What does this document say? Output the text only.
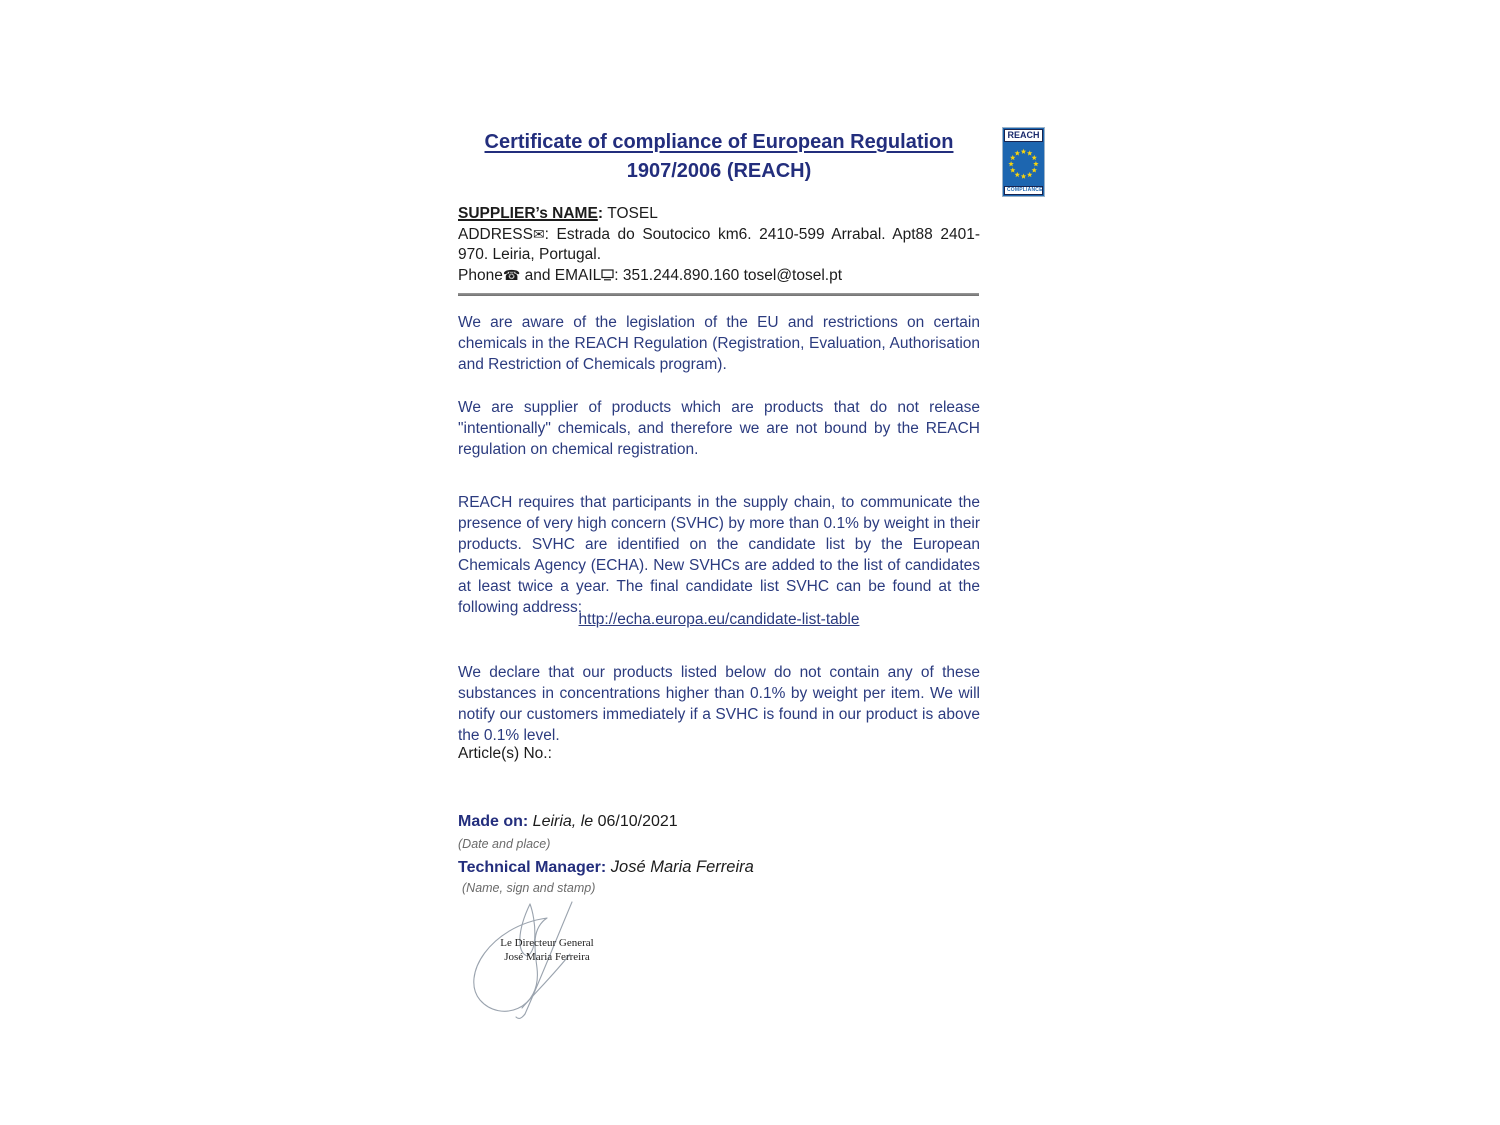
Certificate of compliance of European Regulation
1907/2006 (REACH)
REACH
COMPLIANCE

SUPPLIER’s NAME: TOSEL

ADDRESS✉: Estrada do Soutocico km6. 2410-599 Arrabal. Apt88 2401-970. Leiria, Portugal.

Phone☎ and EMAIL : 351.244.890.160 tosel@tosel.pt

We are aware of the legislation of the EU and restrictions on certain chemicals in the REACH Regulation (Registration, Evaluation, Authorisation and Restriction of Chemicals program).

We are supplier of products which are products that do not release "intentionally" chemicals, and therefore we are not bound by the REACH regulation on chemical registration.

REACH requires that participants in the supply chain, to communicate the presence of very high concern (SVHC) by more than 0.1% by weight in their products. SVHC are identified on the candidate list by the European Chemicals Agency (ECHA). New SVHCs are added to the list of candidates at least twice a year. The final candidate list SVHC can be found at the following address:

http://echa.europa.eu/candidate-list-table

We declare that our products listed below do not contain any of these substances in concentrations higher than 0.1% by weight per item. We will notify our customers immediately if a SVHC is found in our product is above the 0.1% level.

Article(s) No.:

Made on: Leiria, le 06/10/2021

(Date and place)

Technical Manager: José Maria Ferreira

(Name, sign and stamp)

Le Directeur General
José Maria Ferreira
